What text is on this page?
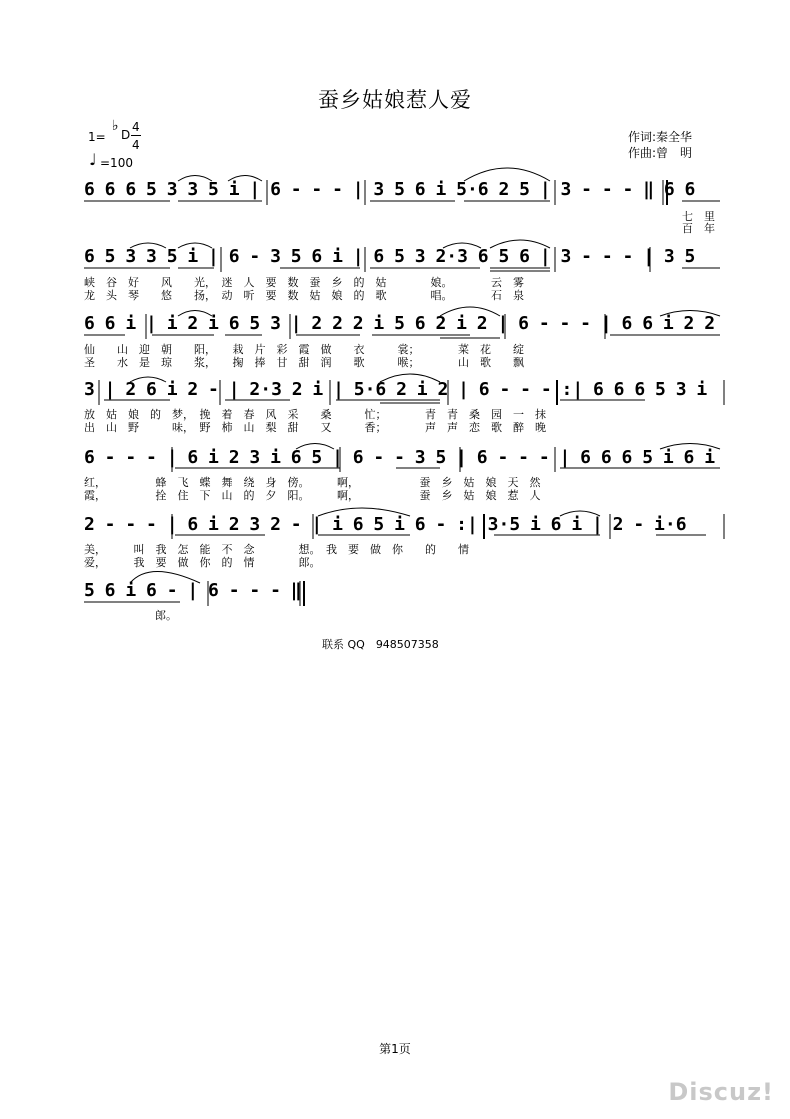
蚕乡姑娘惹人爱
1=
♭
D
4
4
♩ =100
作词:秦全华
作曲:曾　明
6 6 6 5 3 3 5 i | 6 - - - | 3 5 6 i 5·6 2 5 | 3 - - - ‖ 6 6
七　里
百　年
6 5 3 3 5 i | 6 - 3 5 6 i | 6 5 3 2·3 6 5 6 | 3 - - - | 3 5
峡　谷　好　　风　　光，　迷　人　要　数　蚕　乡　的　姑　　　　娘。　　　　云　雾
龙　头　琴　　悠　　扬，　动　听　要　数　姑　娘　的　歌　　　　唱。　　　　石　泉
6 6 i | i 2 i 6 5 3 | 2 2 2 i 5 6 2 i 2 | 6 - - - | 6 6 i 2 2
仙　　山　迎　朝　　阳，　　栽　片　彩　霞　做　　衣　　　裳；　　　　菜　花　　绽
圣　　水　是　琼　　浆，　　掬　捧　甘　甜　润　　歌　　　喉；　　　　山　歌　　飘
3 | 2 6 i 2 - | 2·3 2 i | 5·6 2 i 2 | 6 - - - :| 6 6 6 5 3 i
放　姑　娘　的　梦，　挽　着　春　风　采　　桑　　　忙；　　　　青　青　桑　园　一　抹
出　山　野　　　味，　野　柿　山　梨　甜　　又　　　香；　　　　声　声　恋　歌　醉　晚
6 - - - | 6 i 2 3 i 6 5 | 6 - - 3 5 | 6 - - - | 6 6 6 5 i 6 i
红，　　　　　蜂　飞　蝶　舞　绕　身　傍。　　　啊，　　　　　　蚕　乡　姑　娘　天　然
霞，　　　　　拴　住　下　山　的　夕　阳。　　　啊，　　　　　　蚕　乡　姑　娘　惹　人
2 - - - | 6 i 2 3 2 - | i 6 5 i 6 - :| 3·5 i 6 i | 2 - i·6
美，　　　叫　我　怎　能　不　念　　　　想。　我　要　做　你　　的　　情
爱，　　　我　要　做　你　的　情　　　　郎。
5 6 i 6 - | 6 - - - ‖
郎。
联系 QQ　948507358
第1页
Discuz!
